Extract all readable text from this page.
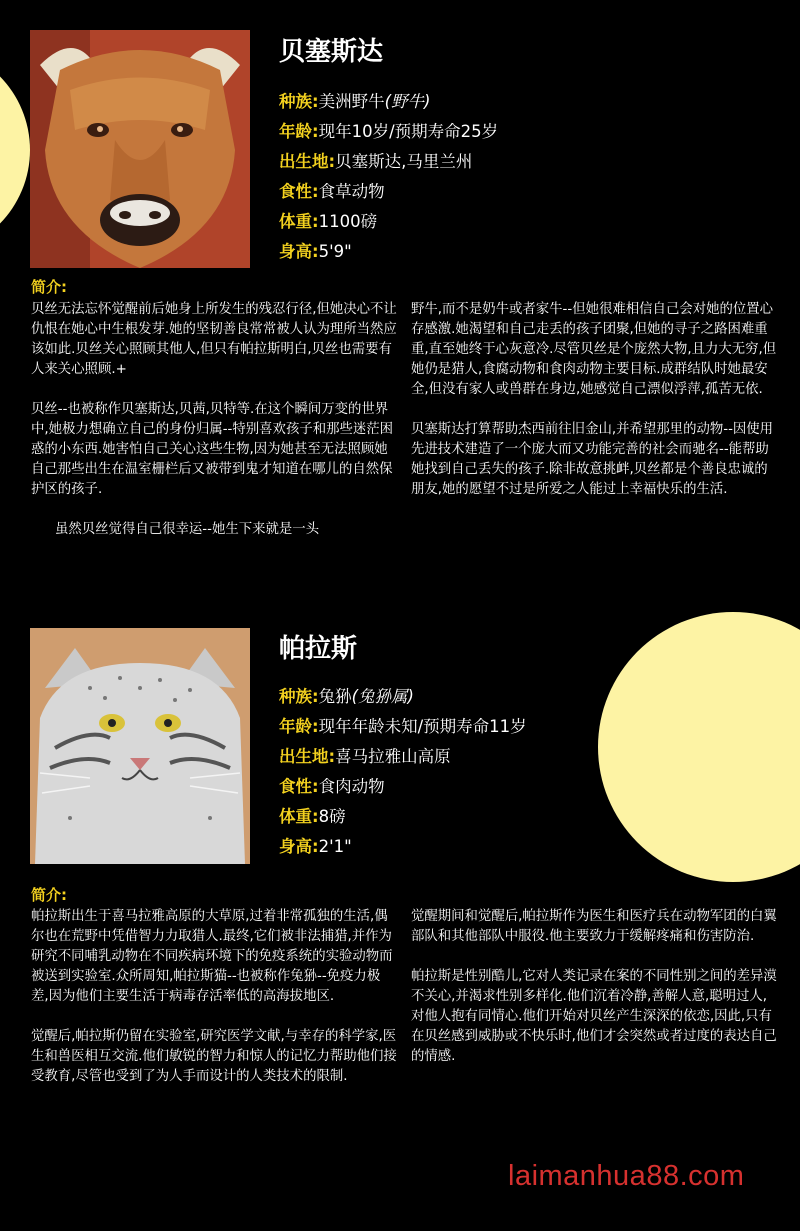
贝塞斯达
种族:美洲野牛(野牛)
年龄:现年10岁/预期寿命25岁
出生地:贝塞斯达,马里兰州
食性:食草动物
体重:1100磅
身高:5'9"
简介:

贝丝无法忘怀觉醒前后她身上所发生的残忍行径,但她决心不让仇恨在她心中生根发芽.她的坚韧善良常常被人认为理所当然应该如此.贝丝关心照顾其他人,但只有帕拉斯明白,贝丝也需要有人来关心照顾.+

贝丝--也被称作贝塞斯达,贝茜,贝特等.在这个瞬间万变的世界中,她极力想确立自己的身份归属--特别喜欢孩子和那些迷茫困惑的小东西.她害怕自己关心这些生物,因为她甚至无法照顾她自己那些出生在温室栅栏后又被带到鬼才知道在哪儿的自然保护区的孩子.

虽然贝丝觉得自己很幸运--她生下来就是一头

野牛,而不是奶牛或者家牛--但她很难相信自己会对她的位置心存感激.她渴望和自己走丢的孩子团聚,但她的寻子之路困难重重,直至她终于心灰意冷.尽管贝丝是个庞然大物,且力大无穷,但她仍是猎人,食腐动物和食肉动物主要目标.成群结队时她最安全,但没有家人或兽群在身边,她感觉自己漂似浮萍,孤苦无依.

贝塞斯达打算帮助杰西前往旧金山,并希望那里的动物--因使用先进技术建造了一个庞大而又功能完善的社会而驰名--能帮助她找到自己丢失的孩子.除非故意挑衅,贝丝都是个善良忠诚的朋友,她的愿望不过是所爱之人能过上幸福快乐的生活.

帕拉斯
种族:兔狲(兔狲属)
年龄:现年年龄未知/预期寿命11岁
出生地:喜马拉雅山高原
食性:食肉动物
体重:8磅
身高:2'1"
简介:

帕拉斯出生于喜马拉雅高原的大草原,过着非常孤独的生活,偶尔也在荒野中凭借智力力取猎人.最终,它们被非法捕猎,并作为研究不同哺乳动物在不同疾病环境下的免疫系统的实验动物而被送到实验室.众所周知,帕拉斯猫--也被称作兔狲--免疫力极差,因为他们主要生活于病毒存活率低的高海拔地区.

觉醒后,帕拉斯仍留在实验室,研究医学文献,与幸存的科学家,医生和兽医相互交流.他们敏锐的智力和惊人的记忆力帮助他们接受教育,尽管也受到了为人手而设计的人类技术的限制.

觉醒期间和觉醒后,帕拉斯作为医生和医疗兵在动物军团的白翼部队和其他部队中服役.他主要致力于缓解疼痛和伤害防治.

帕拉斯是性别酷儿,它对人类记录在案的不同性别之间的差异漠不关心,并渴求性别多样化.他们沉着冷静,善解人意,聪明过人,对他人抱有同情心.他们开始对贝丝产生深深的依恋,因此,只有在贝丝感到威胁或不快乐时,他们才会突然或者过度的表达自己的情感.

laimanhua88.com
